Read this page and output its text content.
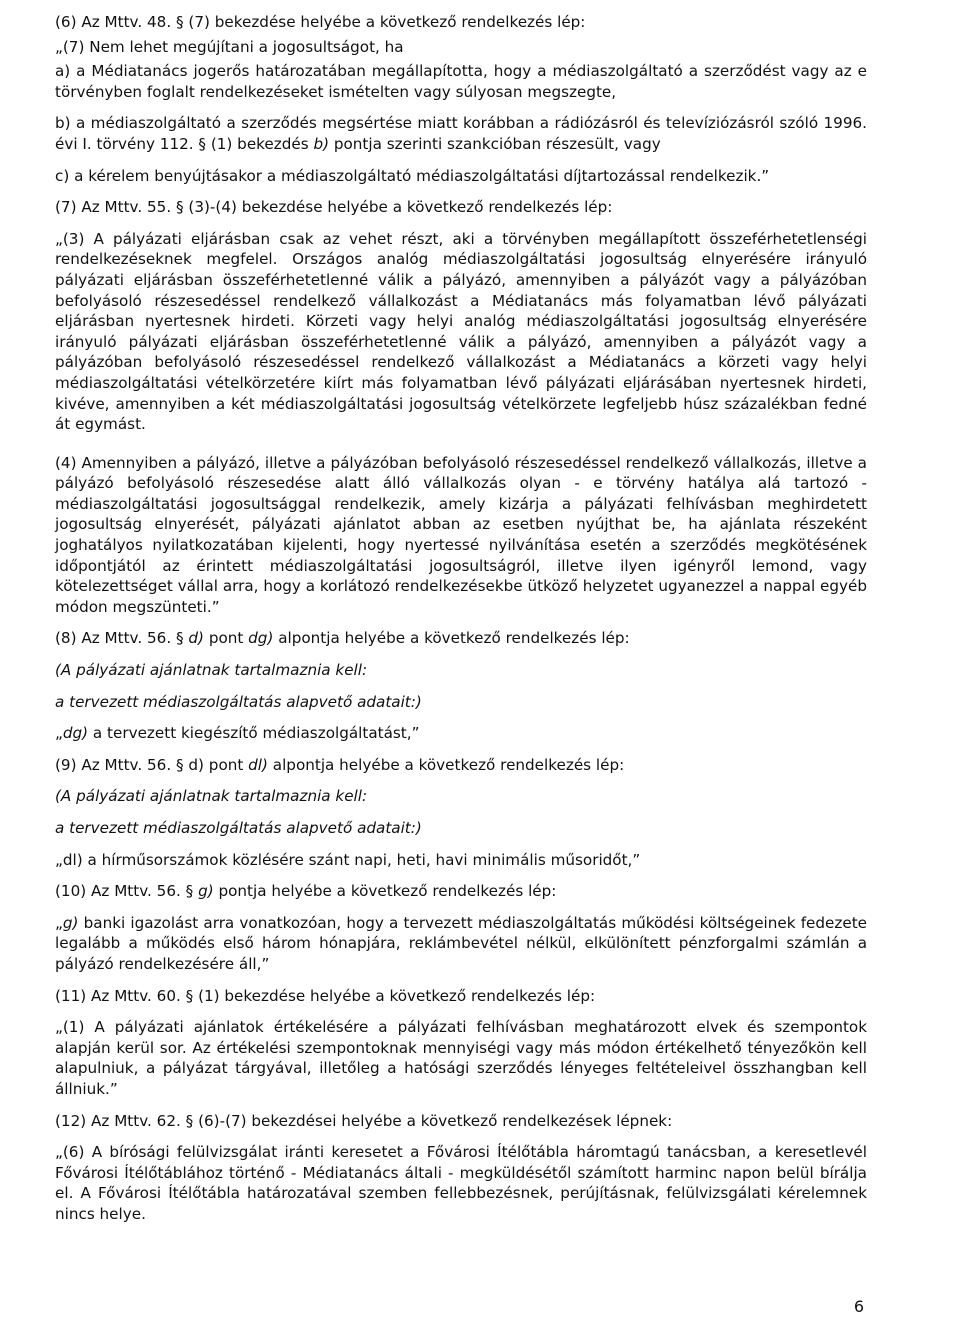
(6) Az Mttv. 48. § (7) bekezdése helyébe a következő rendelkezés lép:

„(7) Nem lehet megújítani a jogosultságot, ha

a) a Médiatanács jogerős határozatában megállapította, hogy a médiaszolgáltató a szerződést vagy az e törvényben foglalt rendelkezéseket ismételten vagy súlyosan megszegte,

b) a médiaszolgáltató a szerződés megsértése miatt korábban a rádiózásról és televíziózásról szóló 1996. évi I. törvény 112. § (1) bekezdés b) pontja szerinti szankcióban részesült, vagy

c) a kérelem benyújtásakor a médiaszolgáltató médiaszolgáltatási díjtartozással rendelkezik.”

(7) Az Mttv. 55. § (3)-(4) bekezdése helyébe a következő rendelkezés lép:

„(3) A pályázati eljárásban csak az vehet részt, aki a törvényben megállapított összeférhetetlenségi rendelkezéseknek megfelel. Országos analóg médiaszolgáltatási jogosultság elnyerésére irányuló pályázati eljárásban összeférhetetlenné válik a pályázó, amennyiben a pályázót vagy a pályázóban befolyásoló részesedéssel rendelkező vállalkozást a Médiatanács más folyamatban lévő pályázati eljárásban nyertesnek hirdeti. Körzeti vagy helyi analóg médiaszolgáltatási jogosultság elnyerésére irányuló pályázati eljárásban összeférhetetlenné válik a pályázó, amennyiben a pályázót vagy a pályázóban befolyásoló részesedéssel rendelkező vállalkozást a Médiatanács a körzeti vagy helyi médiaszolgáltatási vételkörzetére kiírt más folyamatban lévő pályázati eljárásában nyertesnek hirdeti, kivéve, amennyiben a két médiaszolgáltatási jogosultság vételkörzete legfeljebb húsz százalékban fedné át egymást.

(4) Amennyiben a pályázó, illetve a pályázóban befolyásoló részesedéssel rendelkező vállalkozás, illetve a pályázó befolyásoló részesedése alatt álló vállalkozás olyan - e törvény hatálya alá tartozó - médiaszolgáltatási jogosultsággal rendelkezik, amely kizárja a pályázati felhívásban meghirdetett jogosultság elnyerését, pályázati ajánlatot abban az esetben nyújthat be, ha ajánlata részeként joghatályos nyilatkozatában kijelenti, hogy nyertessé nyilvánítása esetén a szerződés megkötésének időpontjától az érintett médiaszolgáltatási jogosultságról, illetve ilyen igényről lemond, vagy kötelezettséget vállal arra, hogy a korlátozó rendelkezésekbe ütköző helyzetet ugyanezzel a nappal egyéb módon megszünteti.”

(8) Az Mttv. 56. § d) pont dg) alpontja helyébe a következő rendelkezés lép:

(A pályázati ajánlatnak tartalmaznia kell:

a tervezett médiaszolgáltatás alapvető adatait:)

„dg) a tervezett kiegészítő médiaszolgáltatást,”

(9) Az Mttv. 56. § d) pont dl) alpontja helyébe a következő rendelkezés lép:

(A pályázati ajánlatnak tartalmaznia kell:

a tervezett médiaszolgáltatás alapvető adatait:)

„dl) a hírműsorszámok közlésére szánt napi, heti, havi minimális műsoridőt,”

(10) Az Mttv. 56. § g) pontja helyébe a következő rendelkezés lép:

„g) banki igazolást arra vonatkozóan, hogy a tervezett médiaszolgáltatás működési költségeinek fedezete legalább a működés első három hónapjára, reklámbevétel nélkül, elkülönített pénzforgalmi számlán a pályázó rendelkezésére áll,”

(11) Az Mttv. 60. § (1) bekezdése helyébe a következő rendelkezés lép:

„(1) A pályázati ajánlatok értékelésére a pályázati felhívásban meghatározott elvek és szempontok alapján kerül sor. Az értékelési szempontoknak mennyiségi vagy más módon értékelhető tényezőkön kell alapulniuk, a pályázat tárgyával, illetőleg a hatósági szerződés lényeges feltételeivel összhangban kell állniuk.”

(12) Az Mttv. 62. § (6)-(7) bekezdései helyébe a következő rendelkezések lépnek:

„(6) A bírósági felülvizsgálat iránti keresetet a Fővárosi Ítélőtábla háromtagú tanácsban, a keresetlevél Fővárosi Ítélőtáblához történő - Médiatanács általi - megküldésétől számított harminc napon belül bírálja el. A Fővárosi Ítélőtábla határozatával szemben fellebbezésnek, perújításnak, felülvizsgálati kérelemnek nincs helye.

6
